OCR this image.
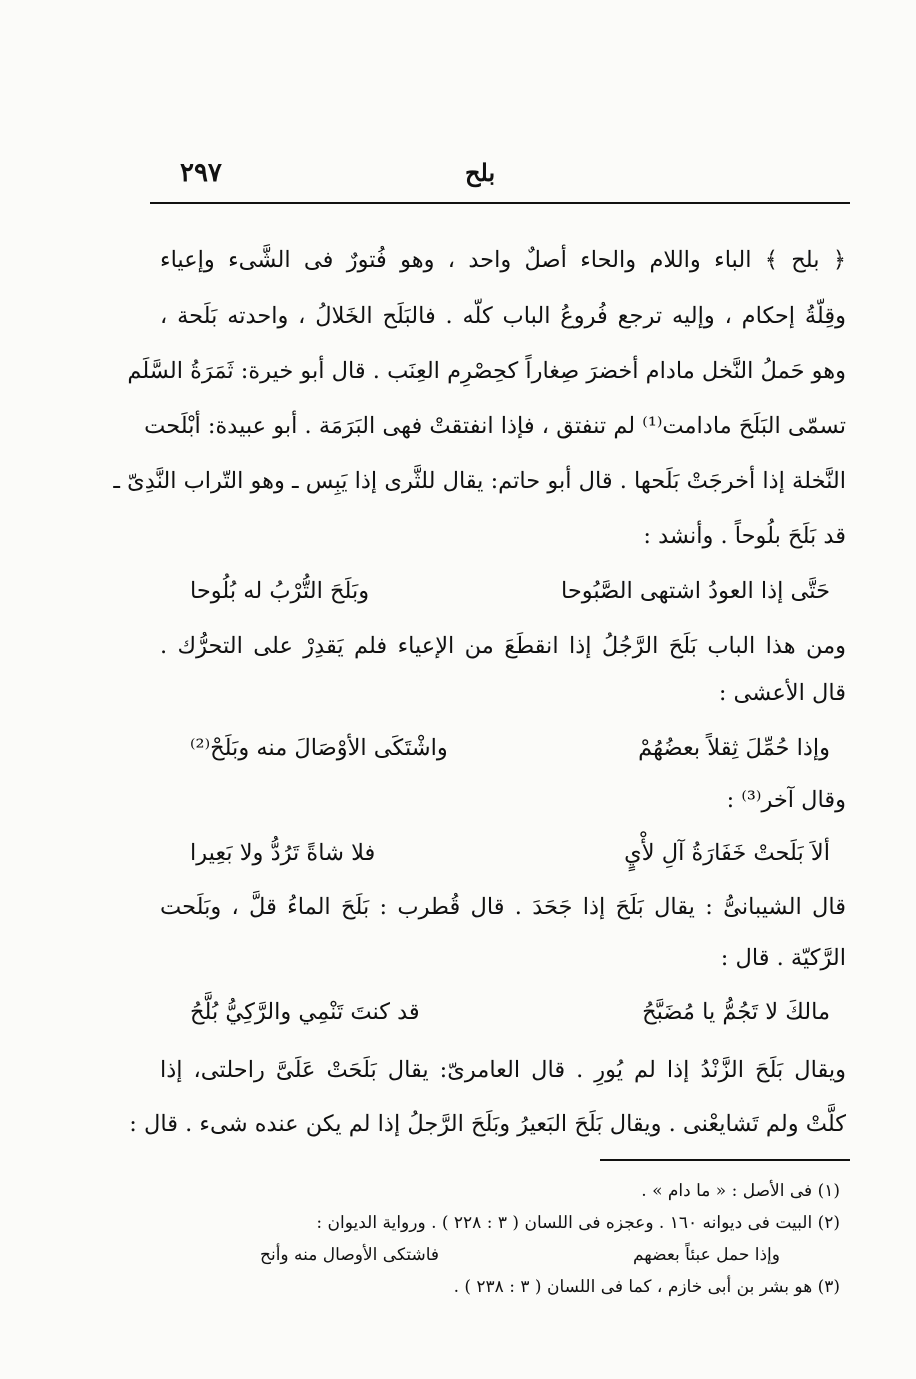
٢٩٧	بلح
﴿ بلح ﴾ الباء واللام والحاء أصلٌ واحد ، وهو فُتورٌ فى الشَّىء وإعياء
وقِلّةُ إحكام ، وإليه ترجع فُروعُ الباب كلّه . فالبَلَح الخَلالُ ، واحدته بَلَحة ،
وهو حَملُ النَّخل مادام أخضرَ صِغاراً كحِصْرِم العِنَب . قال أبو خيرة: ثَمَرَةُ السَّلَم
تسمّى البَلَحَ مادامت⁽¹⁾ لم تنفتق ، فإذا انفتقتْ فهى البَرَمَة . أبو عبيدة: أبْلَحت
النَّخلة إذا أخرجَتْ بَلَحها . قال أبو حاتم: يقال للثَّرى إذا يَبِس ـ وهو التّراب النَّدِىّ ـ
قد بَلَحَ بلُوحاً . وأنشد :
حَتَّى إذا العودُ اشتهى الصَّبُوحا
وبَلَحَ التُّرْبُ له بُلُوحا
ومن هذا الباب بَلَحَ الرَّجُلُ إذا انقطَعَ من الإعياء فلم يَقدِرْ على التحرُّك .
قال الأعشى :
وإذا حُمِّلَ ثِقلاً بعضُهُمْ
واشْتَكَى الأوْصَالَ منه وبَلَحْ⁽²⁾
وقال آخر⁽³⁾ :
ألاَ بَلَحتْ خَفَارَةُ آلِ لأْيٍ
فلا شاةً تَرُدُّ ولا بَعِيرا
قال الشيبانىُّ : يقال بَلَحَ إذا جَحَدَ . قال قُطرب : بَلَحَ الماءُ قلَّ ، وبَلَحت
الرَّكيّة . قال :
مالكَ لا تَجُمُّ يا مُضَبَّحُ
قد كنتَ تَنْمِي والرَّكِيُّ بُلَّحُ
ويقال بَلَحَ الزَّنْدُ إذا لم يُورِ . قال العامرىّ: يقال بَلَحَتْ عَلَىَّ راحلتى، إذا
كلَّتْ ولم تَشايعْنى . ويقال بَلَحَ البَعيرُ وبَلَحَ الرَّجلُ إذا لم يكن عنده شىء . قال :
(١) فى الأصل : « ما دام » .
(٢) البيت فى ديوانه ١٦٠ . وعجزه فى اللسان ( ٣ : ٢٢٨ ) . ورواية الديوان :
وإذا حمل عبئاً بعضهم
فاشتكى الأوصال منه وأنح
(٣) هو بشر بن أبى خازم ، كما فى اللسان ( ٣ : ٢٣٨ ) .
